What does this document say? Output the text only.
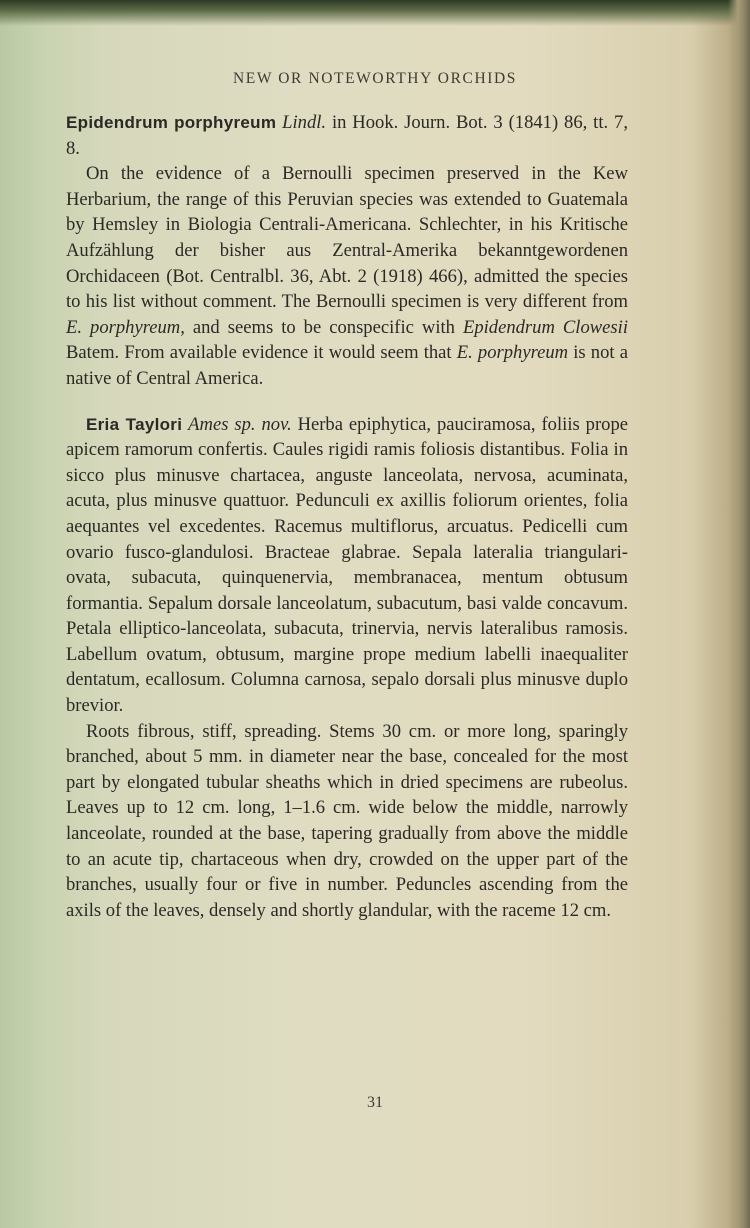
NEW OR NOTEWORTHY ORCHIDS

Epidendrum porphyreum Lindl. in Hook. Journ. Bot. 3 (1841) 86, tt. 7, 8.

On the evidence of a Bernoulli specimen preserved in the Kew Herbarium, the range of this Peruvian species was extended to Guatemala by Hemsley in Biologia Centrali-Americana. Schlechter, in his Kritische Aufzählung der bisher aus Zentral-Amerika bekanntgewordenen Orchidaceen (Bot. Centralbl. 36, Abt. 2 (1918) 466), admitted the species to his list without comment. The Bernoulli specimen is very different from E. porphyreum, and seems to be conspecific with Epidendrum Clowesii Batem. From available evidence it would seem that E. porphyreum is not a native of Central America.

Eria Taylori Ames sp. nov. Herba epiphytica, pauciramosa, foliis prope apicem ramorum confertis. Caules rigidi ramis foliosis distantibus. Folia in sicco plus minusve chartacea, anguste lanceolata, nervosa, acuminata, acuta, plus minusve quattuor. Pedunculi ex axillis foliorum orientes, folia aequantes vel excedentes. Racemus multiflorus, arcuatus. Pedicelli cum ovario fusco-glandulosi. Bracteae glabrae. Sepala lateralia triangulari-ovata, subacuta, quinquenervia, membranacea, mentum obtusum formantia. Sepalum dorsale lanceolatum, subacutum, basi valde concavum. Petala elliptico-lanceolata, subacuta, trinervia, nervis lateralibus ramosis. Labellum ovatum, obtusum, margine prope medium labelli inaequaliter dentatum, ecallosum. Columna carnosa, sepalo dorsali plus minusve duplo brevior.

Roots fibrous, stiff, spreading. Stems 30 cm. or more long, sparingly branched, about 5 mm. in diameter near the base, concealed for the most part by elongated tubular sheaths which in dried specimens are rubeolus. Leaves up to 12 cm. long, 1–1.6 cm. wide below the middle, narrowly lanceolate, rounded at the base, tapering gradually from above the middle to an acute tip, chartaceous when dry, crowded on the upper part of the branches, usually four or five in number. Peduncles ascending from the axils of the leaves, densely and shortly glandular, with the raceme 12 cm.

31
